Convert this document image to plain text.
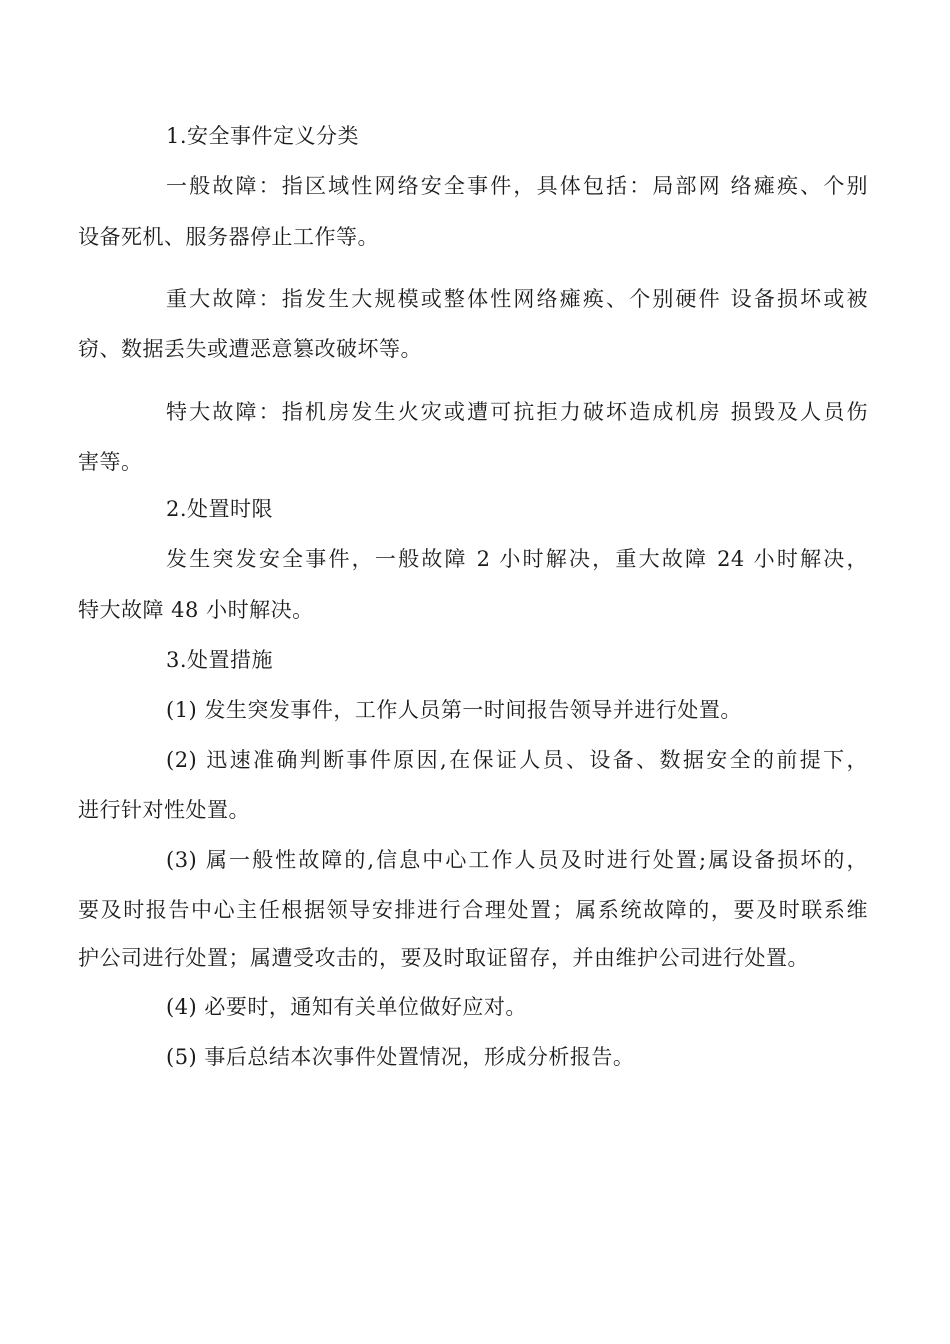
1.安全事件定义分类
一般故障：指区域性网络安全事件，具体包括：局部网 络瘫痪、个别
设备死机、服务器停止工作等。
重大故障：指发生大规模或整体性网络瘫痪、个别硬件 设备损坏或被
窃、数据丢失或遭恶意篡改破坏等。
特大故障：指机房发生火灾或遭可抗拒力破坏造成机房 损毁及人员伤
害等。
2.处置时限
发生突发安全事件，一般故障 2 小时解决，重大故障 24 小时解决，
特大故障 48 小时解决。
3.处置措施
(1) 发生突发事件，工作人员第一时间报告领导并进行处置。
(2) 迅速准确判断事件原因,在保证人员、设备、数据安全的前提下，
进行针对性处置。
(3) 属一般性故障的,信息中心工作人员及时进行处置;属设备损坏的，
要及时报告中心主任根据领导安排进行合理处置；属系统故障的，要及时联系维
护公司进行处置；属遭受攻击的，要及时取证留存，并由维护公司进行处置。
(4) 必要时，通知有关单位做好应对。
(5) 事后总结本次事件处置情况，形成分析报告。
